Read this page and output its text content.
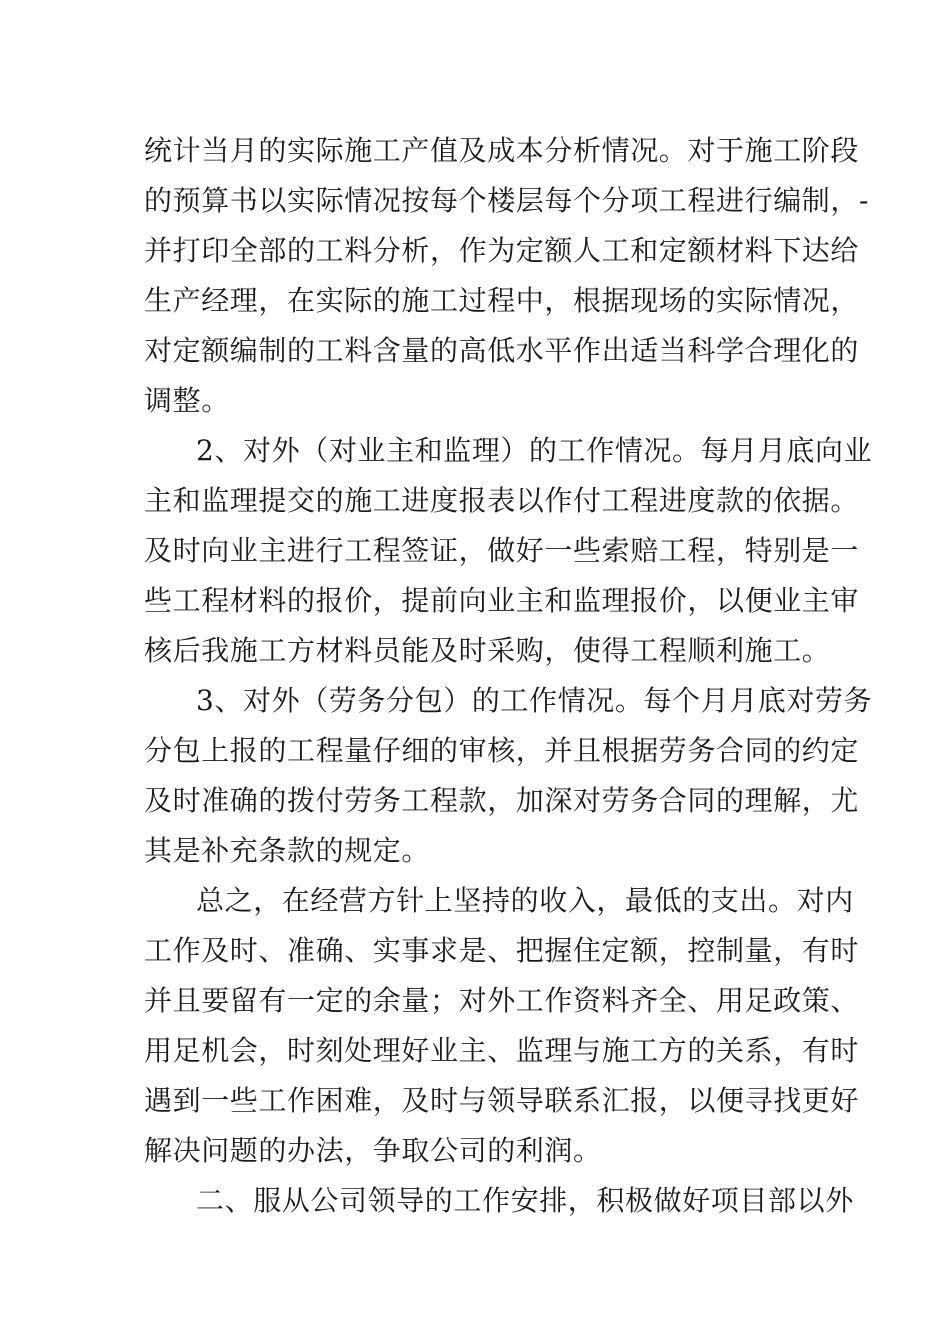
统计当月的实际施工产值及成本分析情况。对于施工阶段
的预算书以实际情况按每个楼层每个分项工程进行编制，-
并打印全部的工料分析，作为定额人工和定额材料下达给
生产经理，在实际的施工过程中，根据现场的实际情况，
对定额编制的工料含量的高低水平作出适当科学合理化的
调整。
2、对外（对业主和监理）的工作情况。每月月底向业
主和监理提交的施工进度报表以作付工程进度款的依据。
及时向业主进行工程签证，做好一些索赔工程，特别是一
些工程材料的报价，提前向业主和监理报价，以便业主审
核后我施工方材料员能及时采购，使得工程顺利施工。
3、对外（劳务分包）的工作情况。每个月月底对劳务
分包上报的工程量仔细的审核，并且根据劳务合同的约定
及时准确的拨付劳务工程款，加深对劳务合同的理解，尤
其是补充条款的规定。
总之，在经营方针上坚持的收入，最低的支出。对内
工作及时、准确、实事求是、把握住定额，控制量，有时
并且要留有一定的余量；对外工作资料齐全、用足政策、
用足机会，时刻处理好业主、监理与施工方的关系，有时
遇到一些工作困难，及时与领导联系汇报，以便寻找更好
解决问题的办法，争取公司的利润。
二、服从公司领导的工作安排，积极做好项目部以外
